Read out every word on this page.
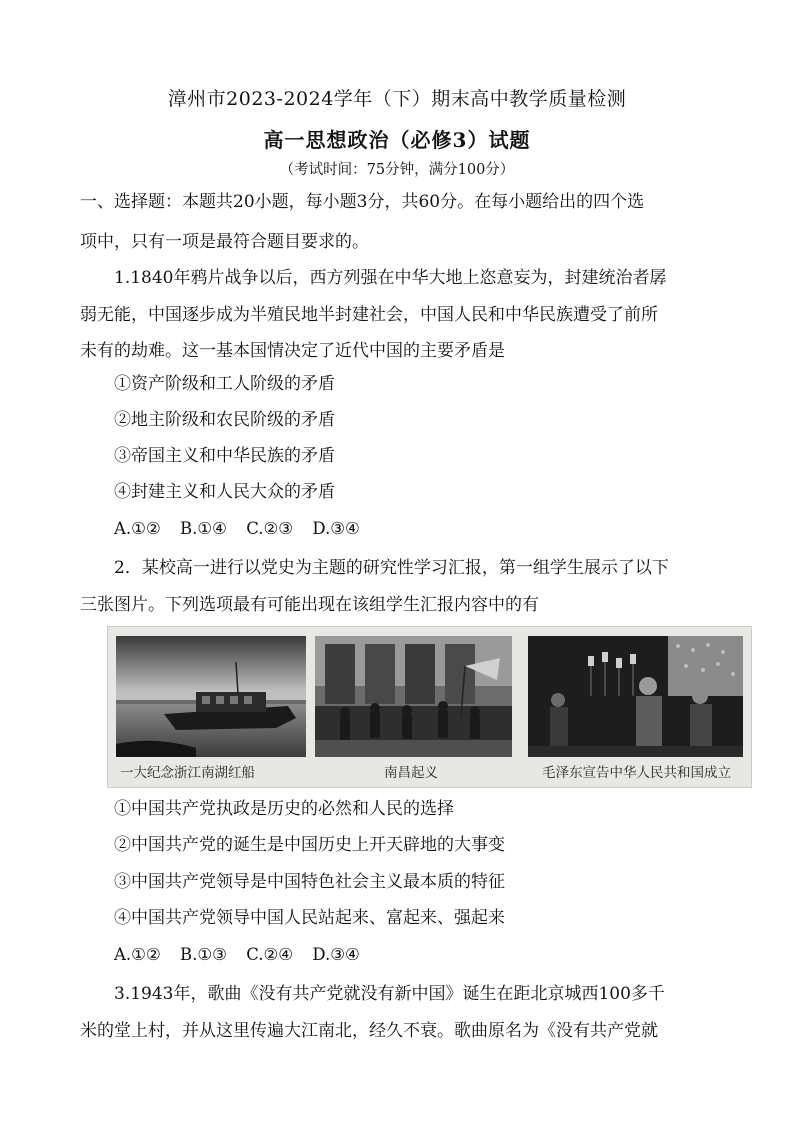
漳州市2023-2024学年（下）期末高中教学质量检测
高一思想政治（必修3）试题
（考试时间：75分钟，满分100分）
一、选择题：本题共20小题，每小题3分，共60分。在每小题给出的四个选
项中，只有一项是最符合题目要求的。
1.1840年鸦片战争以后，西方列强在中华大地上恣意妄为，封建统治者孱
弱无能，中国逐步成为半殖民地半封建社会，中国人民和中华民族遭受了前所
未有的劫难。这一基本国情决定了近代中国的主要矛盾是
①资产阶级和工人阶级的矛盾
②地主阶级和农民阶级的矛盾
③帝国主义和中华民族的矛盾
④封建主义和人民大众的矛盾
A.①② B.①④ C.②③ D.③④
2．某校高一进行以党史为主题的研究性学习汇报，第一组学生展示了以下
三张图片。下列选项最有可能出现在该组学生汇报内容中的有
一大纪念浙江南湖红船	南昌起义	毛泽东宣告中华人民共和国成立
①中国共产党执政是历史的必然和人民的选择
②中国共产党的诞生是中国历史上开天辟地的大事变
③中国共产党领导是中国特色社会主义最本质的特征
④中国共产党领导中国人民站起来、富起来、强起来
A.①② B.①③ C.②④ D.③④
3.1943年，歌曲《没有共产党就没有新中国》诞生在距北京城西100多千
米的堂上村，并从这里传遍大江南北，经久不衰。歌曲原名为《没有共产党就
